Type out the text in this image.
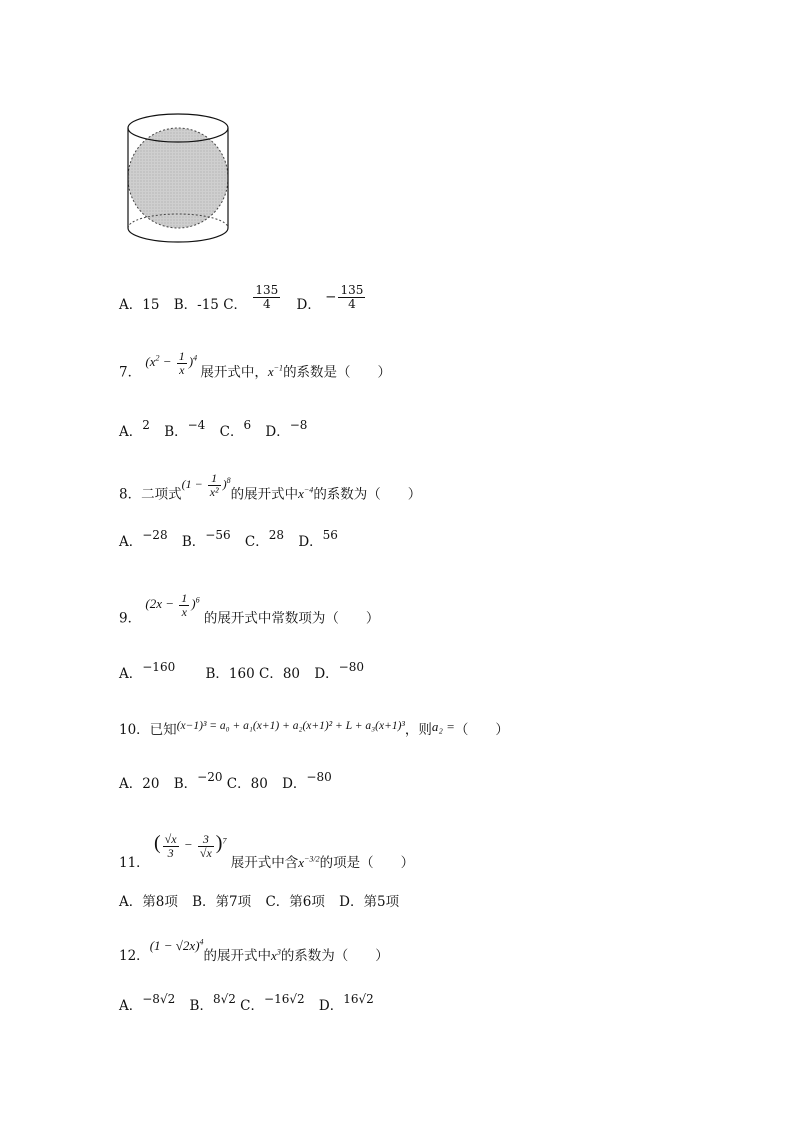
A．15 B．-15 C． $\frac{135}{4}$ D． − $\frac{135}{4}$
7． $(x^2 - \frac{1}{x} )^4$ 展开式中，$x^{-1}$的系数是（　　）
A．2 B．−4 C．6 D．−8
8．二项式$(1 - \frac{1}{\text{x²}} )^8$的展开式中$x^{-4}$的系数为（　　）
A．−28 B．−56 C．28 D．56
9． $(2x - \frac{1}{x} )^6$ 的展开式中常数项为（　　）
A．−160 B．160 C．80 D．−80
10．已知(x−1)³ = a₀ + a₁(x+1) + a₂(x+1)² + L + a₃(x+1)³，则a₂ =（　　）
A．20 B．−20 C．80 D．−80
11． ( $\frac{√x}{3} - \frac{3}{√x} )^7$ 展开式中含$x^{-3/2}$的项是（　　）
A．第8项 B．第7项 C．第6项 D．第5项
12．$(1 - √2x)^4$的展开式中$x^3$的系数为（　　）
A．−8√2 B．8√2 C．−16√2 D．16√2
